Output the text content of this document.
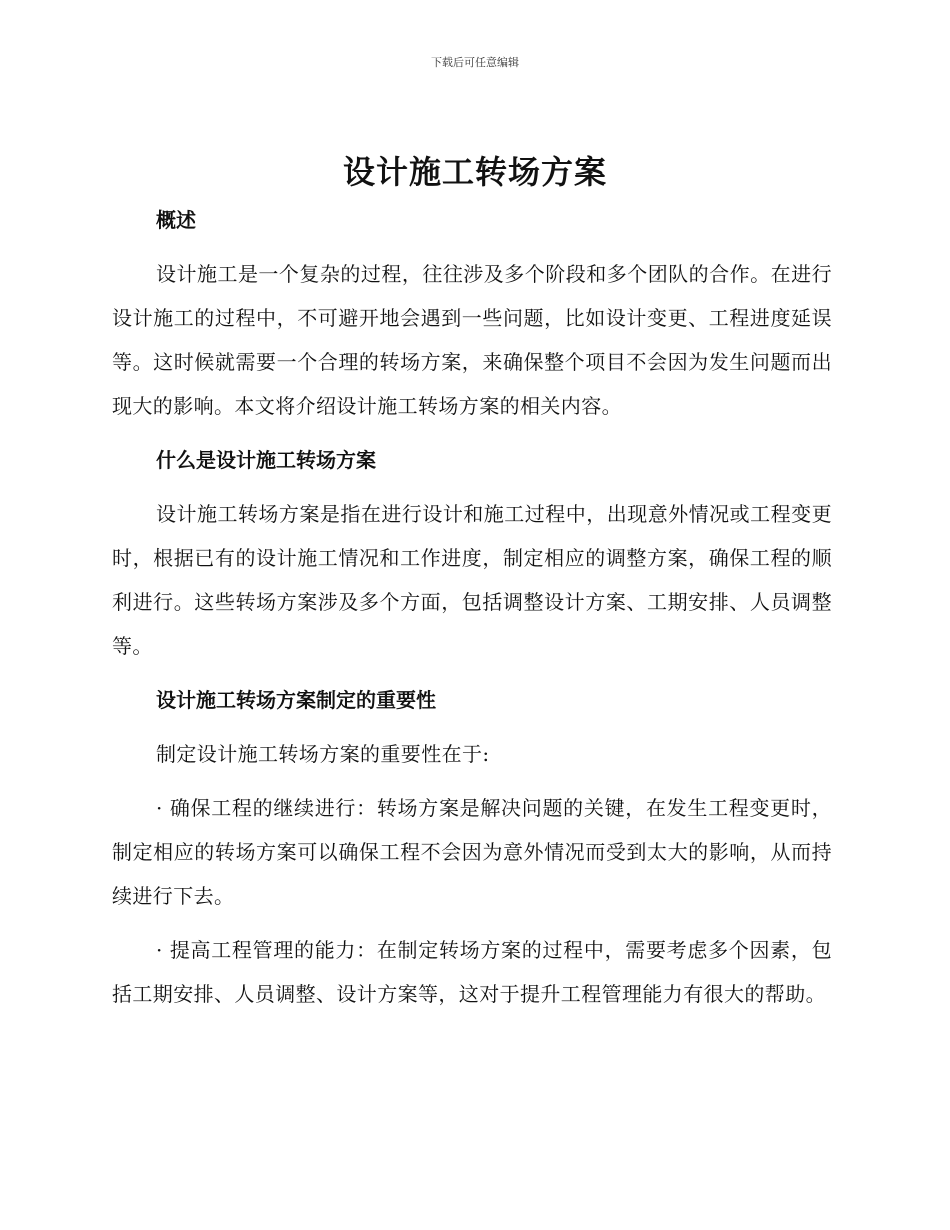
下载后可任意编辑
设计施工转场方案
概述

设计施工是一个复杂的过程，往往涉及多个阶段和多个团队的合作。在进行设计施工的过程中，不可避开地会遇到一些问题，比如设计变更、工程进度延误等。这时候就需要一个合理的转场方案，来确保整个项目不会因为发生问题而出现大的影响。本文将介绍设计施工转场方案的相关内容。

什么是设计施工转场方案

设计施工转场方案是指在进行设计和施工过程中，出现意外情况或工程变更时，根据已有的设计施工情况和工作进度，制定相应的调整方案，确保工程的顺利进行。这些转场方案涉及多个方面，包括调整设计方案、工期安排、人员调整等。

设计施工转场方案制定的重要性

制定设计施工转场方案的重要性在于:

· 确保工程的继续进行：转场方案是解决问题的关键，在发生工程变更时，制定相应的转场方案可以确保工程不会因为意外情况而受到太大的影响，从而持续进行下去。

· 提高工程管理的能力：在制定转场方案的过程中，需要考虑多个因素，包括工期安排、人员调整、设计方案等，这对于提升工程管理能力有很大的帮助。
